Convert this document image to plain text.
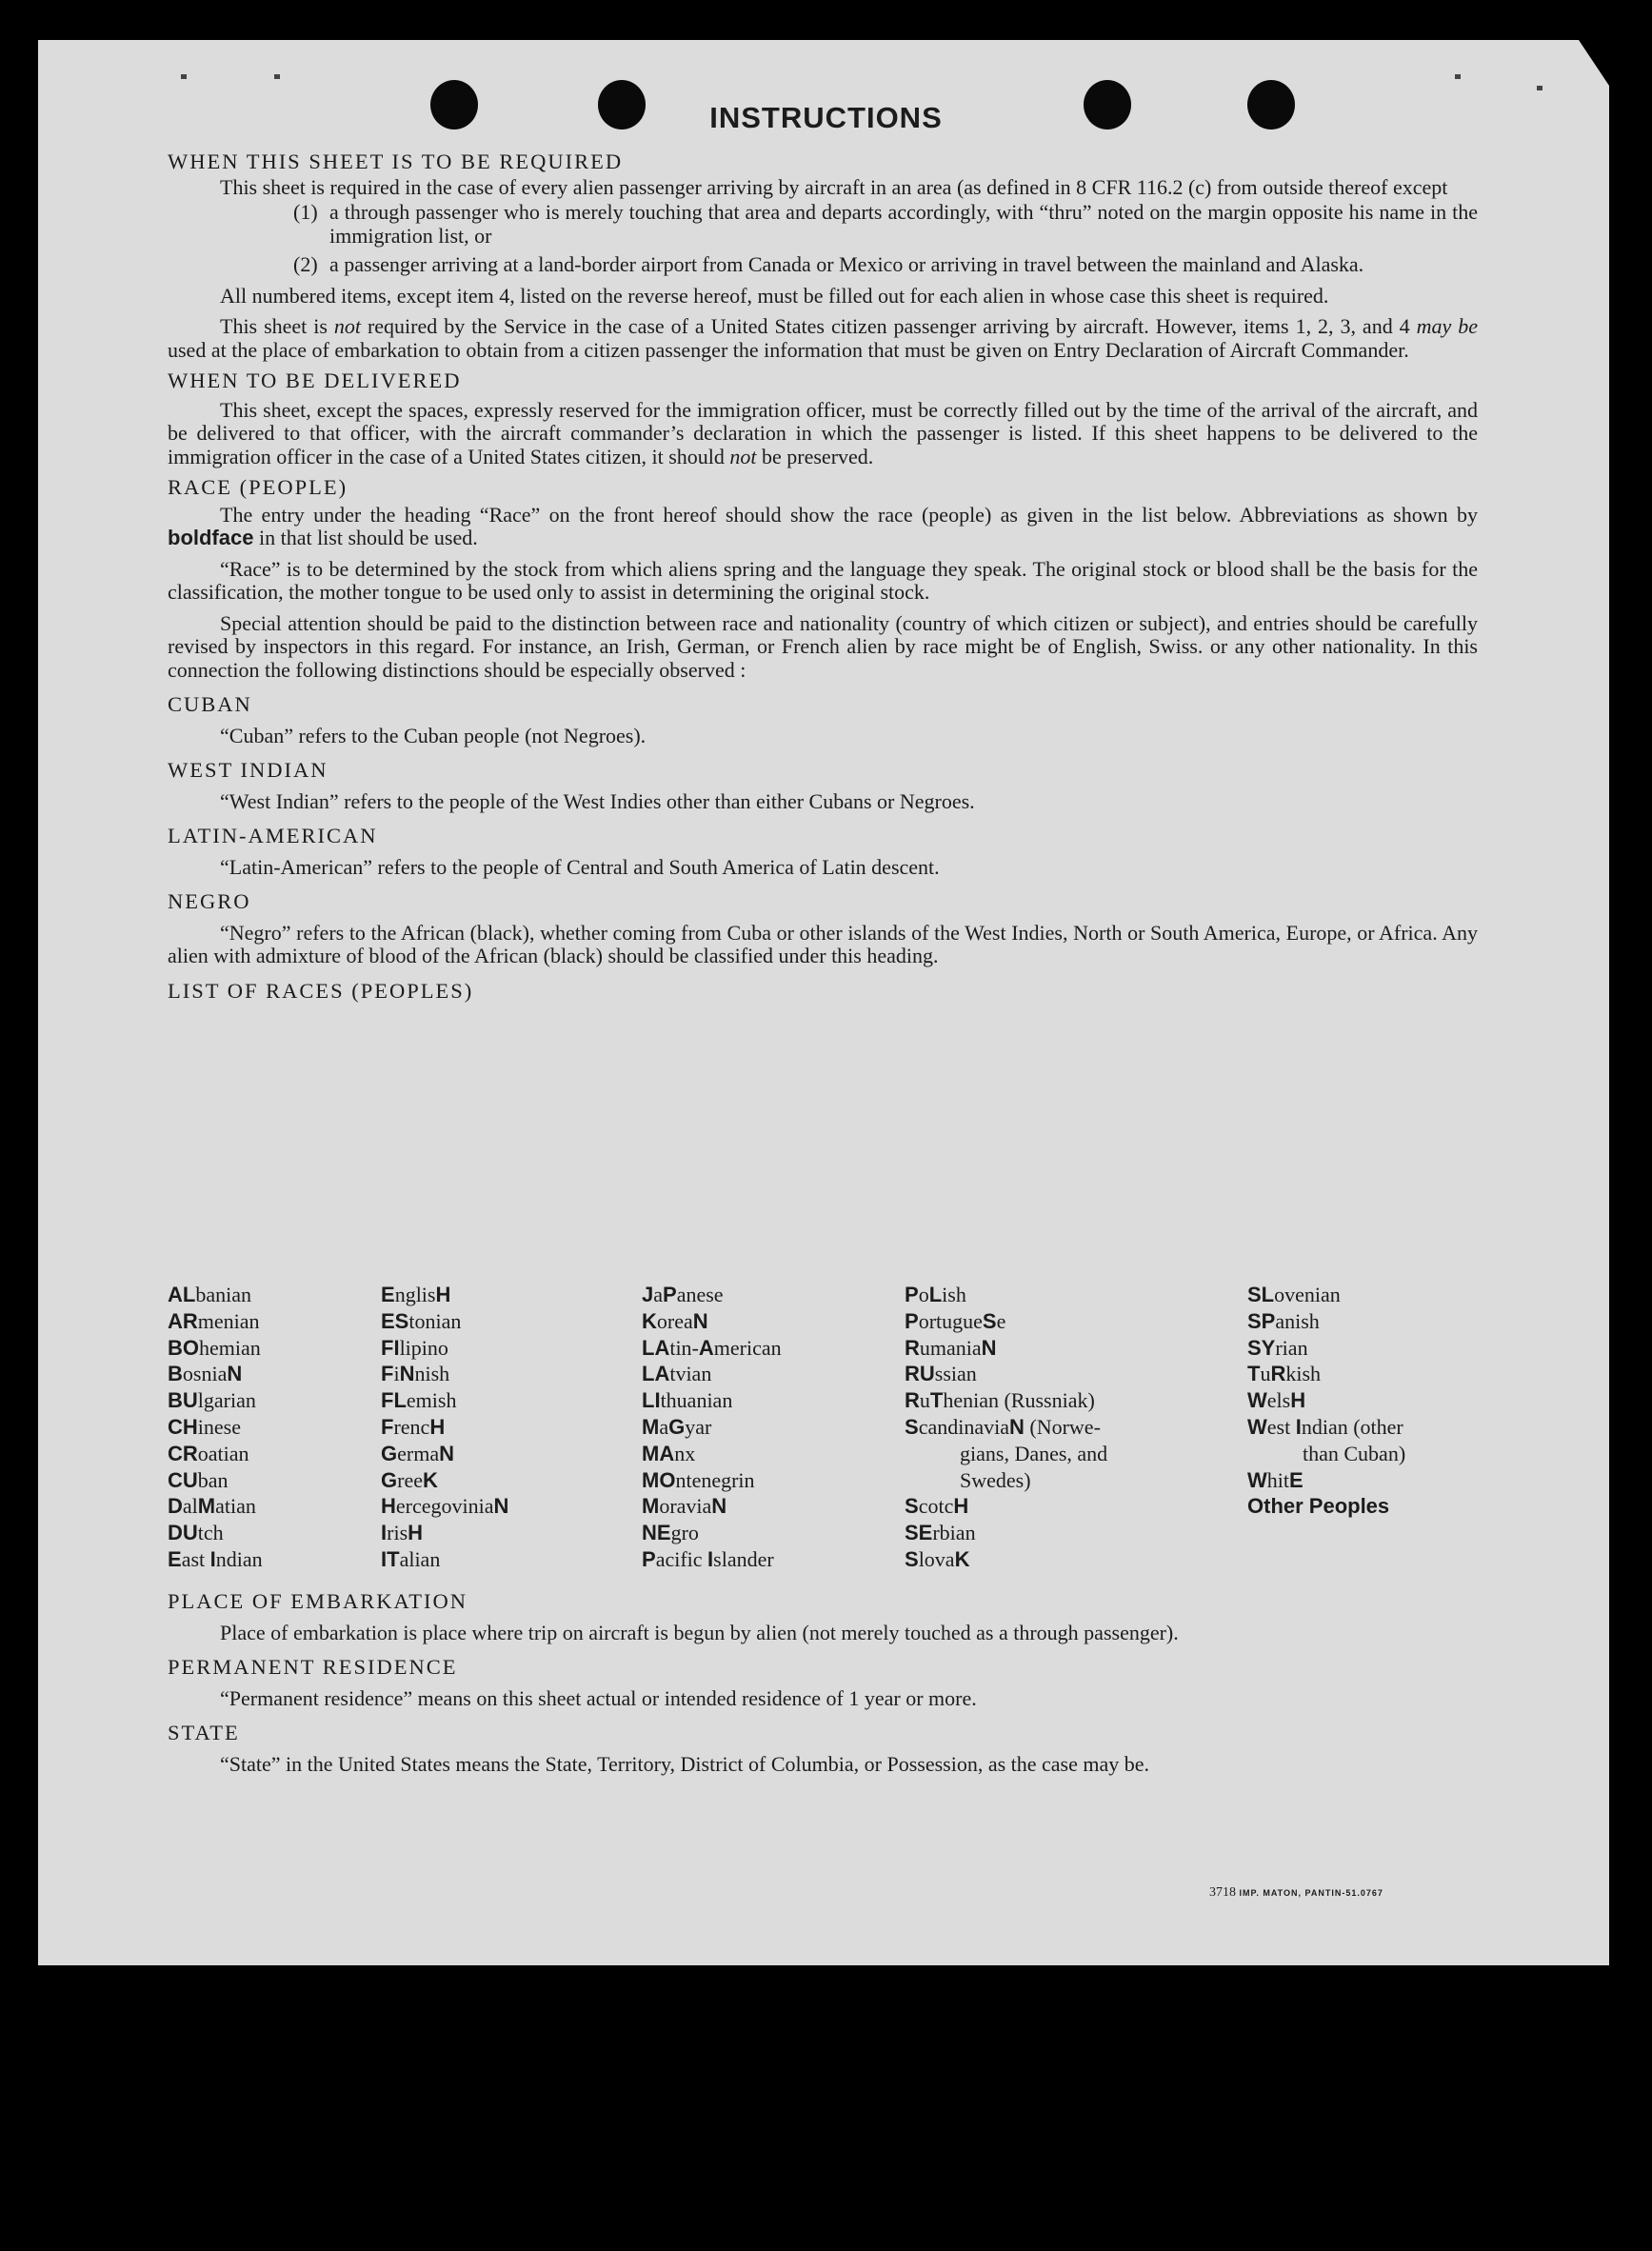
INSTRUCTIONS

WHEN THIS SHEET IS TO BE REQUIRED

This sheet is required in the case of every alien passenger arriving by aircraft in an area (as defined in 8 CFR 116.2 (c) from outside thereof except

(1) a through passenger who is merely touching that area and departs accordingly, with “thru” noted on the margin opposite his name in the immigration list, or
(2) a passenger arriving at a land-border airport from Canada or Mexico or arriving in travel between the mainland and Alaska.

All numbered items, except item 4, listed on the reverse hereof, must be filled out for each alien in whose case this sheet is required.

This sheet is not required by the Service in the case of a United States citizen passenger arriving by aircraft. However, items 1, 2, 3, and 4 may be used at the place of embarkation to obtain from a citizen passenger the information that must be given on Entry Declaration of Aircraft Commander.

WHEN TO BE DELIVERED

This sheet, except the spaces, expressly reserved for the immigration officer, must be correctly filled out by the time of the arrival of the aircraft, and be delivered to that officer, with the aircraft commander’s declaration in which the passenger is listed. If this sheet happens to be delivered to the immigration officer in the case of a United States citizen, it should not be preserved.

RACE (PEOPLE)

The entry under the heading “Race” on the front hereof should show the race (people) as given in the list below. Abbreviations as shown by boldface in that list should be used.

“Race” is to be determined by the stock from which aliens spring and the language they speak. The original stock or blood shall be the basis for the classification, the mother tongue to be used only to assist in determining the original stock.

Special attention should be paid to the distinction between race and nationality (country of which citizen or subject), and entries should be carefully revised by inspectors in this regard. For instance, an Irish, German, or French alien by race might be of English, Swiss. or any other nationality. In this connection the following distinctions should be especially observed :

CUBAN

“Cuban” refers to the Cuban people (not Negroes).

WEST INDIAN

“West Indian” refers to the people of the West Indies other than either Cubans or Negroes.

LATIN-AMERICAN

“Latin-American” refers to the people of Central and South America of Latin descent.

NEGRO

“Negro” refers to the African (black), whether coming from Cuba or other islands of the West Indies, North or South America, Europe, or Africa. Any alien with admixture of blood of the African (black) should be classified under this heading.

LIST OF RACES (PEOPLES)

ALbanian
ARmenian
BOhemian
BosniaN
BUlgarian
CHinese
CRoatian
CUban
DalMatian
DUtch
East Indian
EnglisH
EStonian
FIlipino
FiNnish
FLemish
FrencH
GermaN
GreeK
HercegoviniaN
IrisH
ITalian
JaPanese
KoreaN
LAtin-American
LAtvian
LIthuanian
MaGyar
MAnx
MOntenegrin
MoraviaN
NEgro
Pacific Islander
PoLish
PortugueSe
RumaniaN
RUssian
RuThenian (Russniak)
ScandinaviaN (Norwe-
gians, Danes, and
Swedes)
ScotcH
SErbian
SlovaK
SLovenian
SPanish
SYrian
TuRkish
WelsH
West Indian (other
than Cuban)
WhitE
Other Peoples

PLACE OF EMBARKATION

Place of embarkation is place where trip on aircraft is begun by alien (not merely touched as a through passenger).

PERMANENT RESIDENCE

“Permanent residence” means on this sheet actual or intended residence of 1 year or more.

STATE

“State” in the United States means the State, Territory, District of Columbia, or Possession, as the case may be.

3718 IMP. MATON, PANTIN-51.0767
